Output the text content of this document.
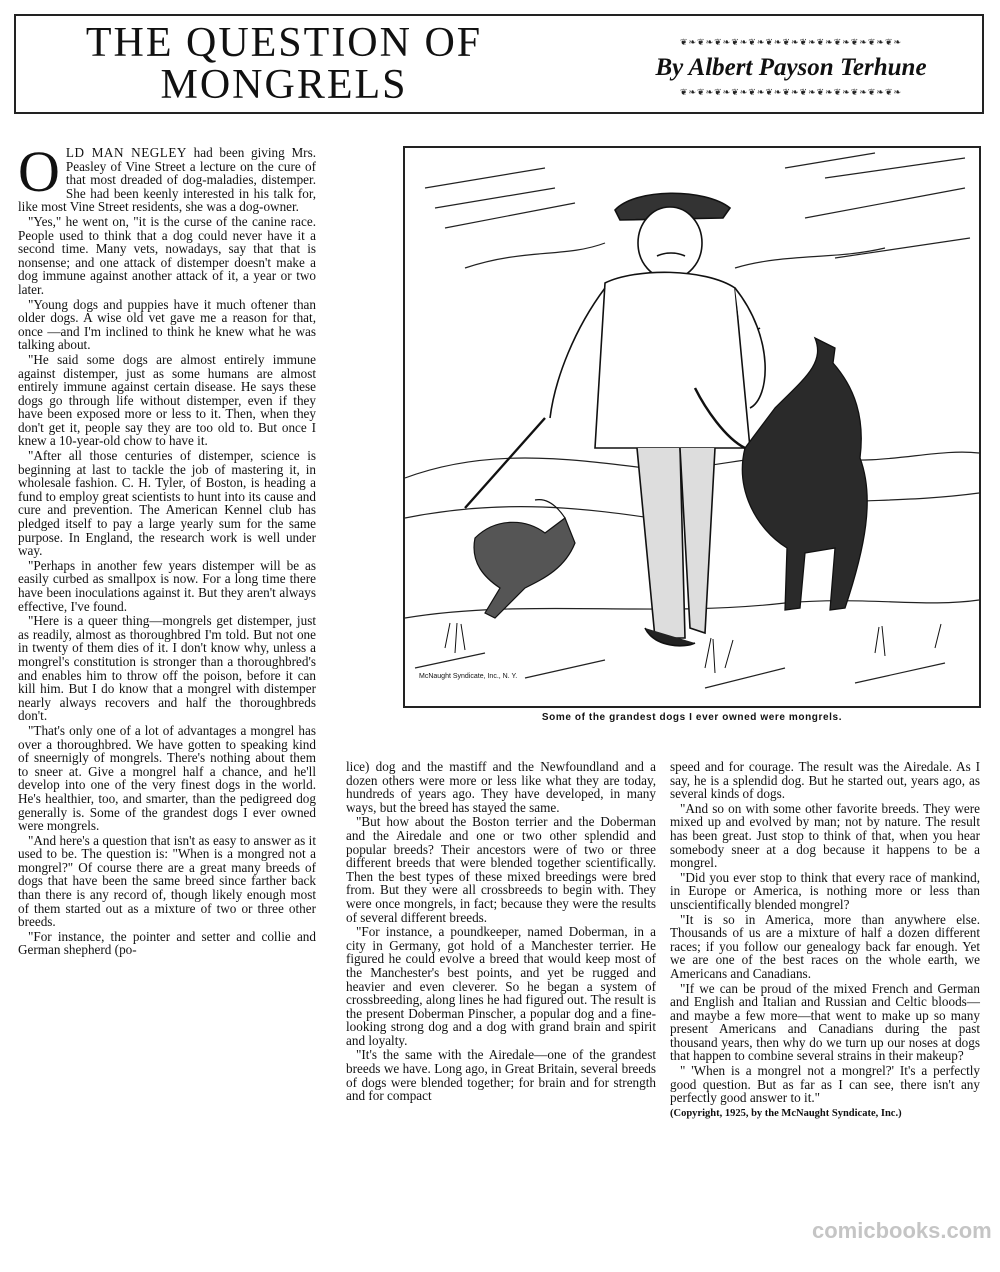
THE QUESTION OF MONGRELS
❦❧❦❧❦❧❦❧❦❧❦❧❦❧❦❧❦❧❦❧❦❧❦❧❦❧
By Albert Payson Terhune
❦❧❦❧❦❧❦❧❦❧❦❧❦❧❦❧❦❧❦❧❦❧❦❧❦❧

OLD MAN NEGLEY had been giving Mrs. Peasley of Vine Street a lecture on the cure of that most dreaded of dog-maladies, distemper. She had been keenly interested in his talk for, like most Vine Street residents, she was a dog-owner.

"Yes," he went on, "it is the curse of the canine race. People used to think that a dog could never have it a second time. Many vets, nowadays, say that that is nonsense; and one attack of distemper doesn't make a dog immune against another attack of it, a year or two later.

"Young dogs and puppies have it much oftener than older dogs. A wise old vet gave me a reason for that, once —and I'm inclined to think he knew what he was talking about.

"He said some dogs are almost entirely immune against distemper, just as some humans are almost entirely immune against certain disease. He says these dogs go through life without distemper, even if they have been exposed more or less to it. Then, when they don't get it, people say they are too old to. But once I knew a 10-year-old chow to have it.

"After all those centuries of distemper, science is beginning at last to tackle the job of mastering it, in wholesale fashion. C. H. Tyler, of Boston, is heading a fund to employ great scientists to hunt into its cause and cure and prevention. The American Kennel club has pledged itself to pay a large yearly sum for the same purpose. In England, the research work is well under way.

"Perhaps in another few years distemper will be as easily curbed as smallpox is now. For a long time there have been inoculations against it. But they aren't always effective, I've found.

"Here is a queer thing—mongrels get distemper, just as readily, almost as thoroughbred I'm told. But not one in twenty of them dies of it. I don't know why, unless a mongrel's constitution is stronger than a thoroughbred's and enables him to throw off the poison, before it can kill him. But I do know that a mongrel with distemper nearly always recovers and half the thoroughbreds don't.

"That's only one of a lot of advantages a mongrel has over a thoroughbred. We have gotten to speaking kind of sneernigly of mongrels. There's nothing about them to sneer at. Give a mongrel half a chance, and he'll develop into one of the very finest dogs in the world. He's healthier, too, and smarter, than the pedigreed dog generally is. Some of the grandest dogs I ever owned were mongrels.

"And here's a question that isn't as easy to answer as it used to be. The question is: "When is a mongred not a mongrel?" Of course there are a great many breeds of dogs that have been the same breed since farther back than there is any record of, though likely enough most of them started out as a mixture of two or three other breeds.

"For instance, the pointer and setter and collie and German shepherd (po-

McNaught Syndicate, Inc., N. Y.
Some of the grandest dogs I ever owned were mongrels.

lice) dog and the mastiff and the Newfoundland and a dozen others were more or less like what they are today, hundreds of years ago. They have developed, in many ways, but the breed has stayed the same.

"But how about the Boston terrier and the Doberman and the Airedale and one or two other splendid and popular breeds? Their ancestors were of two or three different breeds that were blended together scientifically. Then the best types of these mixed breedings were bred from. But they were all crossbreeds to begin with. They were once mongrels, in fact; because they were the results of several different breeds.

"For instance, a poundkeeper, named Doberman, in a city in Germany, got hold of a Manchester terrier. He figured he could evolve a breed that would keep most of the Manchester's best points, and yet be rugged and heavier and even cleverer. So he began a system of crossbreeding, along lines he had figured out. The result is the present Doberman Pinscher, a popular dog and a fine-looking strong dog and a dog with grand brain and spirit and loyalty.

"It's the same with the Airedale—one of the grandest breeds we have. Long ago, in Great Britain, several breeds of dogs were blended together; for brain and for strength and for compact

speed and for courage. The result was the Airedale. As I say, he is a splendid dog. But he started out, years ago, as several kinds of dogs.

"And so on with some other favorite breeds. They were mixed up and evolved by man; not by nature. The result has been great. Just stop to think of that, when you hear somebody sneer at a dog because it happens to be a mongrel.

"Did you ever stop to think that every race of mankind, in Europe or America, is nothing more or less than unscientifically blended mongrel?

"It is so in America, more than anywhere else. Thousands of us are a mixture of half a dozen different races; if you follow our genealogy back far enough. Yet we are one of the best races on the whole earth, we Americans and Canadians.

"If we can be proud of the mixed French and German and English and Italian and Russian and Celtic bloods—and maybe a few more—that went to make up so many present Americans and Canadians during the past thousand years, then why do we turn up our noses at dogs that happen to combine several strains in their makeup?

" 'When is a mongrel not a mongrel?' It's a perfectly good question. But as far as I can see, there isn't any perfectly good answer to it."

(Copyright, 1925, by the McNaught Syndicate, Inc.)
comicbooks.com
